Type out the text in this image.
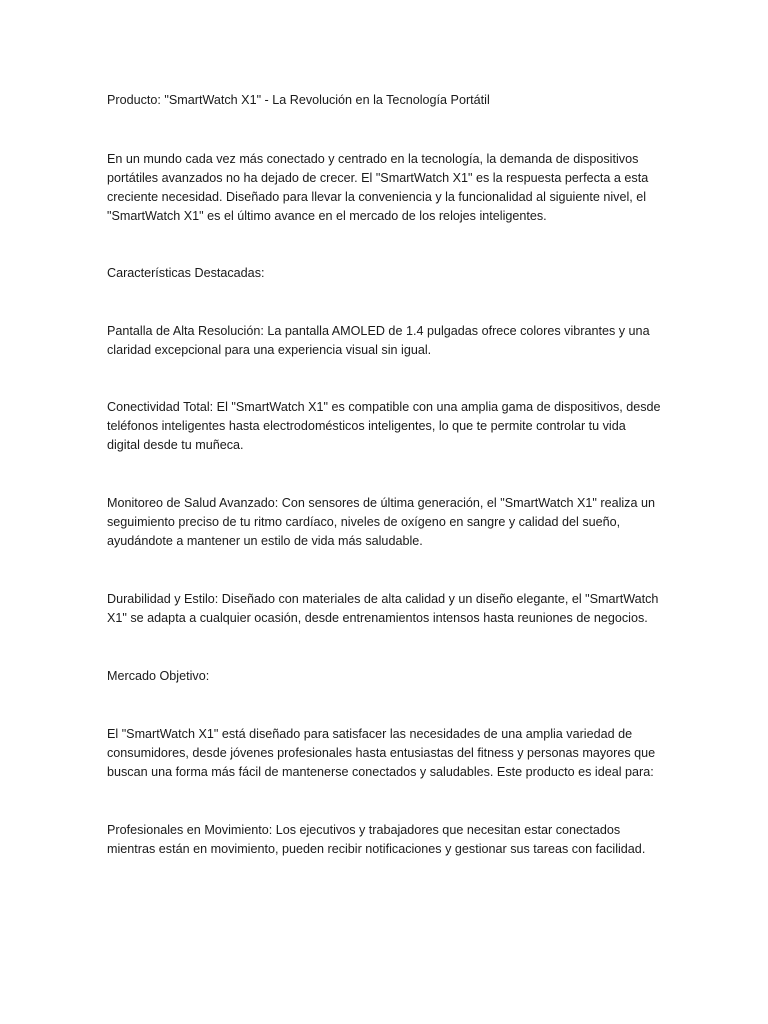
Producto: "SmartWatch X1" - La Revolución en la Tecnología Portátil

En un mundo cada vez más conectado y centrado en la tecnología, la demanda de dispositivos
portátiles avanzados no ha dejado de crecer. El "SmartWatch X1" es la respuesta perfecta a esta
creciente necesidad. Diseñado para llevar la conveniencia y la funcionalidad al siguiente nivel, el
"SmartWatch X1" es el último avance en el mercado de los relojes inteligentes.

Características Destacadas:

Pantalla de Alta Resolución: La pantalla AMOLED de 1.4 pulgadas ofrece colores vibrantes y una
claridad excepcional para una experiencia visual sin igual.

Conectividad Total: El "SmartWatch X1" es compatible con una amplia gama de dispositivos, desde
teléfonos inteligentes hasta electrodomésticos inteligentes, lo que te permite controlar tu vida
digital desde tu muñeca.

Monitoreo de Salud Avanzado: Con sensores de última generación, el "SmartWatch X1" realiza un
seguimiento preciso de tu ritmo cardíaco, niveles de oxígeno en sangre y calidad del sueño,
ayudándote a mantener un estilo de vida más saludable.

Durabilidad y Estilo: Diseñado con materiales de alta calidad y un diseño elegante, el "SmartWatch
X1" se adapta a cualquier ocasión, desde entrenamientos intensos hasta reuniones de negocios.

Mercado Objetivo:

El "SmartWatch X1" está diseñado para satisfacer las necesidades de una amplia variedad de
consumidores, desde jóvenes profesionales hasta entusiastas del fitness y personas mayores que
buscan una forma más fácil de mantenerse conectados y saludables. Este producto es ideal para:

Profesionales en Movimiento: Los ejecutivos y trabajadores que necesitan estar conectados
mientras están en movimiento, pueden recibir notificaciones y gestionar sus tareas con facilidad.
